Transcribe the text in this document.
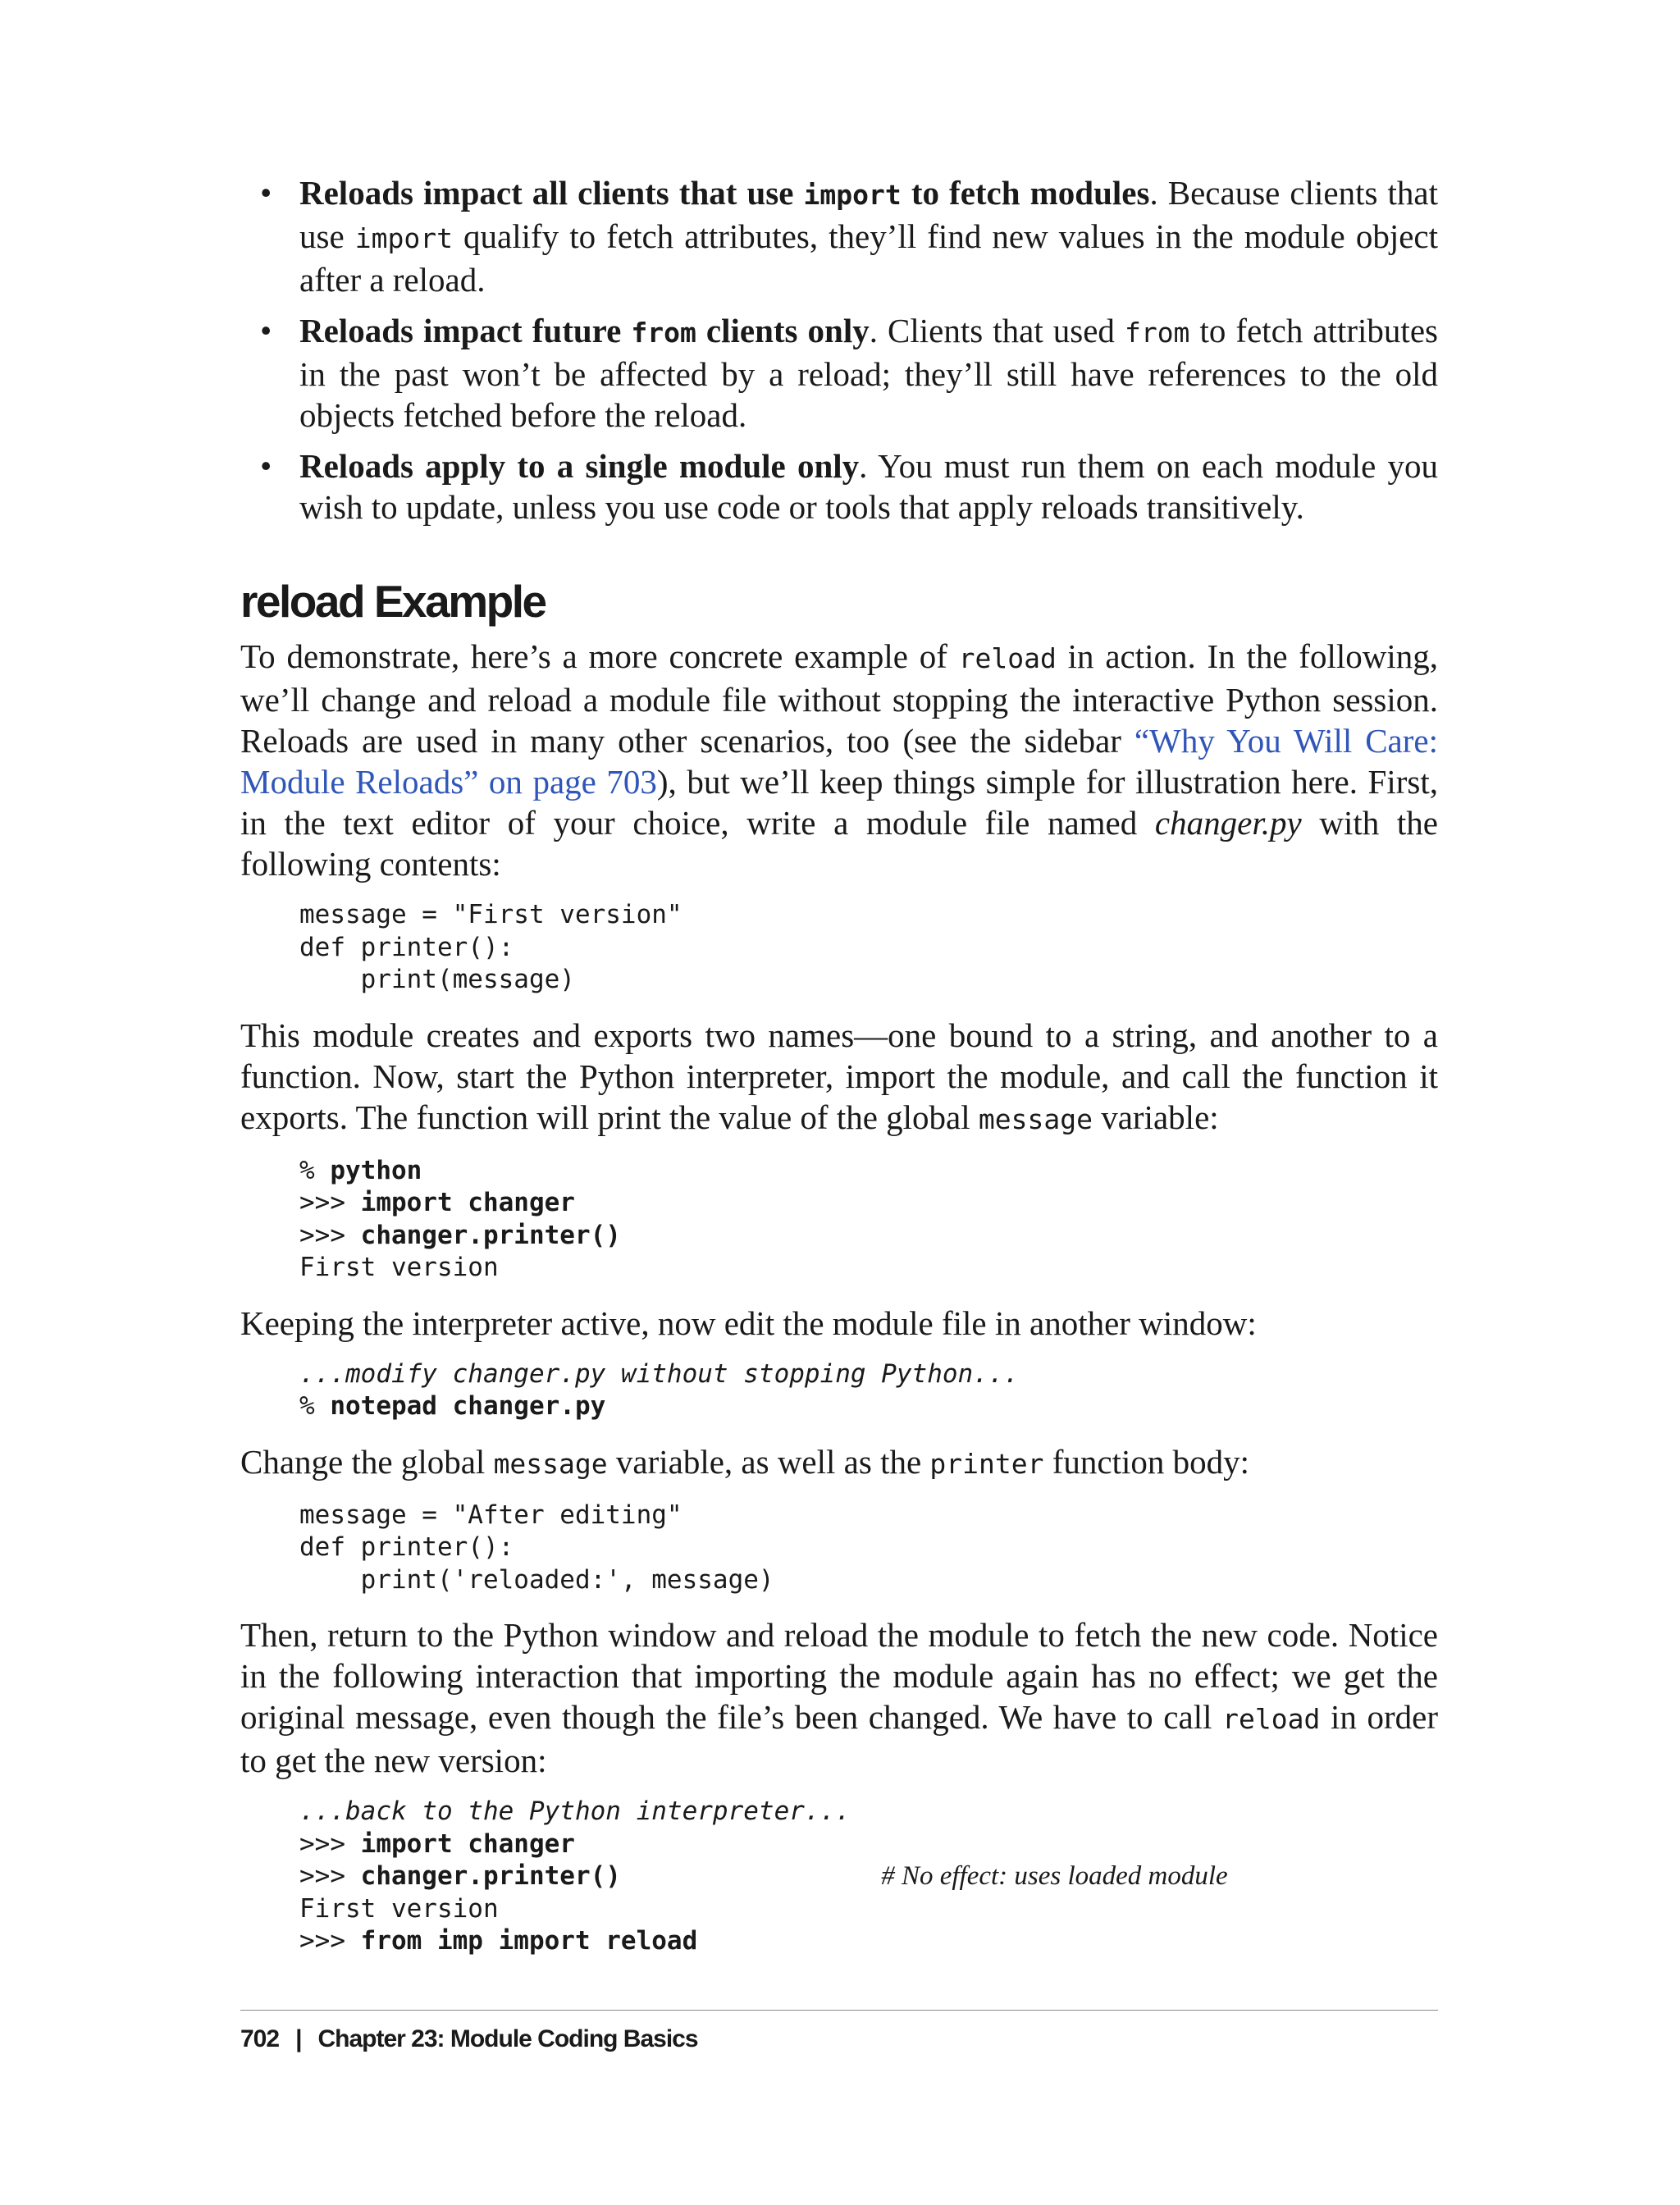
• Reloads impact all clients that use import to fetch modules. Because clients that use import qualify to fetch attributes, they’ll find new values in the module object after a reload.
• Reloads impact future from clients only. Clients that used from to fetch attributes in the past won’t be affected by a reload; they’ll still have references to the old objects fetched before the reload.
• Reloads apply to a single module only. You must run them on each module you wish to update, unless you use code or tools that apply reloads transitively.
reload Example

To demonstrate, here’s a more concrete example of reload in action. In the following, we’ll change and reload a module file without stopping the interactive Python session. Reloads are used in many other scenarios, too (see the sidebar “Why You Will Care: Module Reloads” on page 703), but we’ll keep things simple for illustration here. First, in the text editor of your choice, write a module file named changer.py with the following contents:

message = "First version"
def printer():
print(message)

This module creates and exports two names—one bound to a string, and another to a function. Now, start the Python interpreter, import the module, and call the function it exports. The function will print the value of the global message variable:

% python
>>> import changer
>>> changer.printer()
First version

Keeping the interpreter active, now edit the module file in another window:

...modify changer.py without stopping Python...
% notepad changer.py

Change the global message variable, as well as the printer function body:

message = "After editing"
def printer():
print('reloaded:', message)

Then, return to the Python window and reload the module to fetch the new code. Notice in the following interaction that importing the module again has no effect; we get the original message, even though the file’s been changed. We have to call reload in order to get the new version:

...back to the Python interpreter...
>>> import changer
>>> changer.printer()	# No effect: uses loaded module
First version
>>> from imp import reload
702 | Chapter 23: Module Coding Basics
